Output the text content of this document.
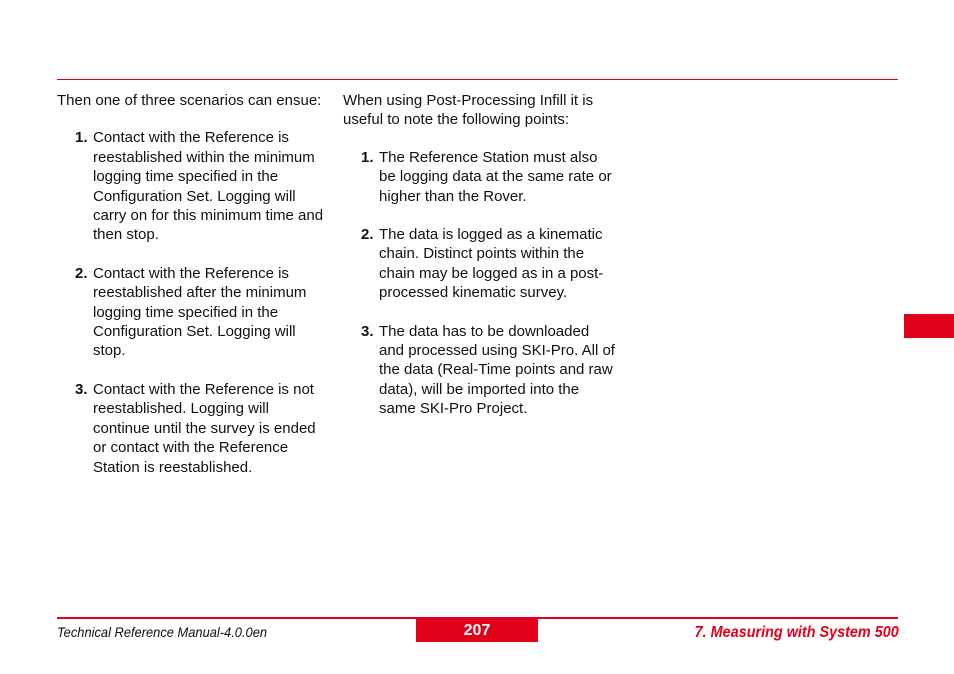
Then one of three scenarios can ensue:

1. Contact with the Reference is reestablished within the minimum logging time specified in the Configuration Set. Logging will carry on for this minimum time and then stop.
2. Contact with the Reference is reestablished after the minimum logging time specified in the Configuration Set. Logging will stop.
3. Contact with the Reference is not reestablished. Logging will continue until the survey is ended or contact with the Reference Station is reestablished.

When using Post-Processing Infill it is useful to note the following points:

1. The Reference Station must also be logging data at the same rate or higher than the Rover.
2. The data is logged as a kinematic chain. Distinct points within the chain may be logged as in a post-processed kinematic survey.
3. The data has to be downloaded and processed using SKI-Pro. All of the data (Real-Time points and raw data), will be imported into the same SKI-Pro Project.
Technical Reference Manual-4.0.0en	207	7. Measuring with System 500
